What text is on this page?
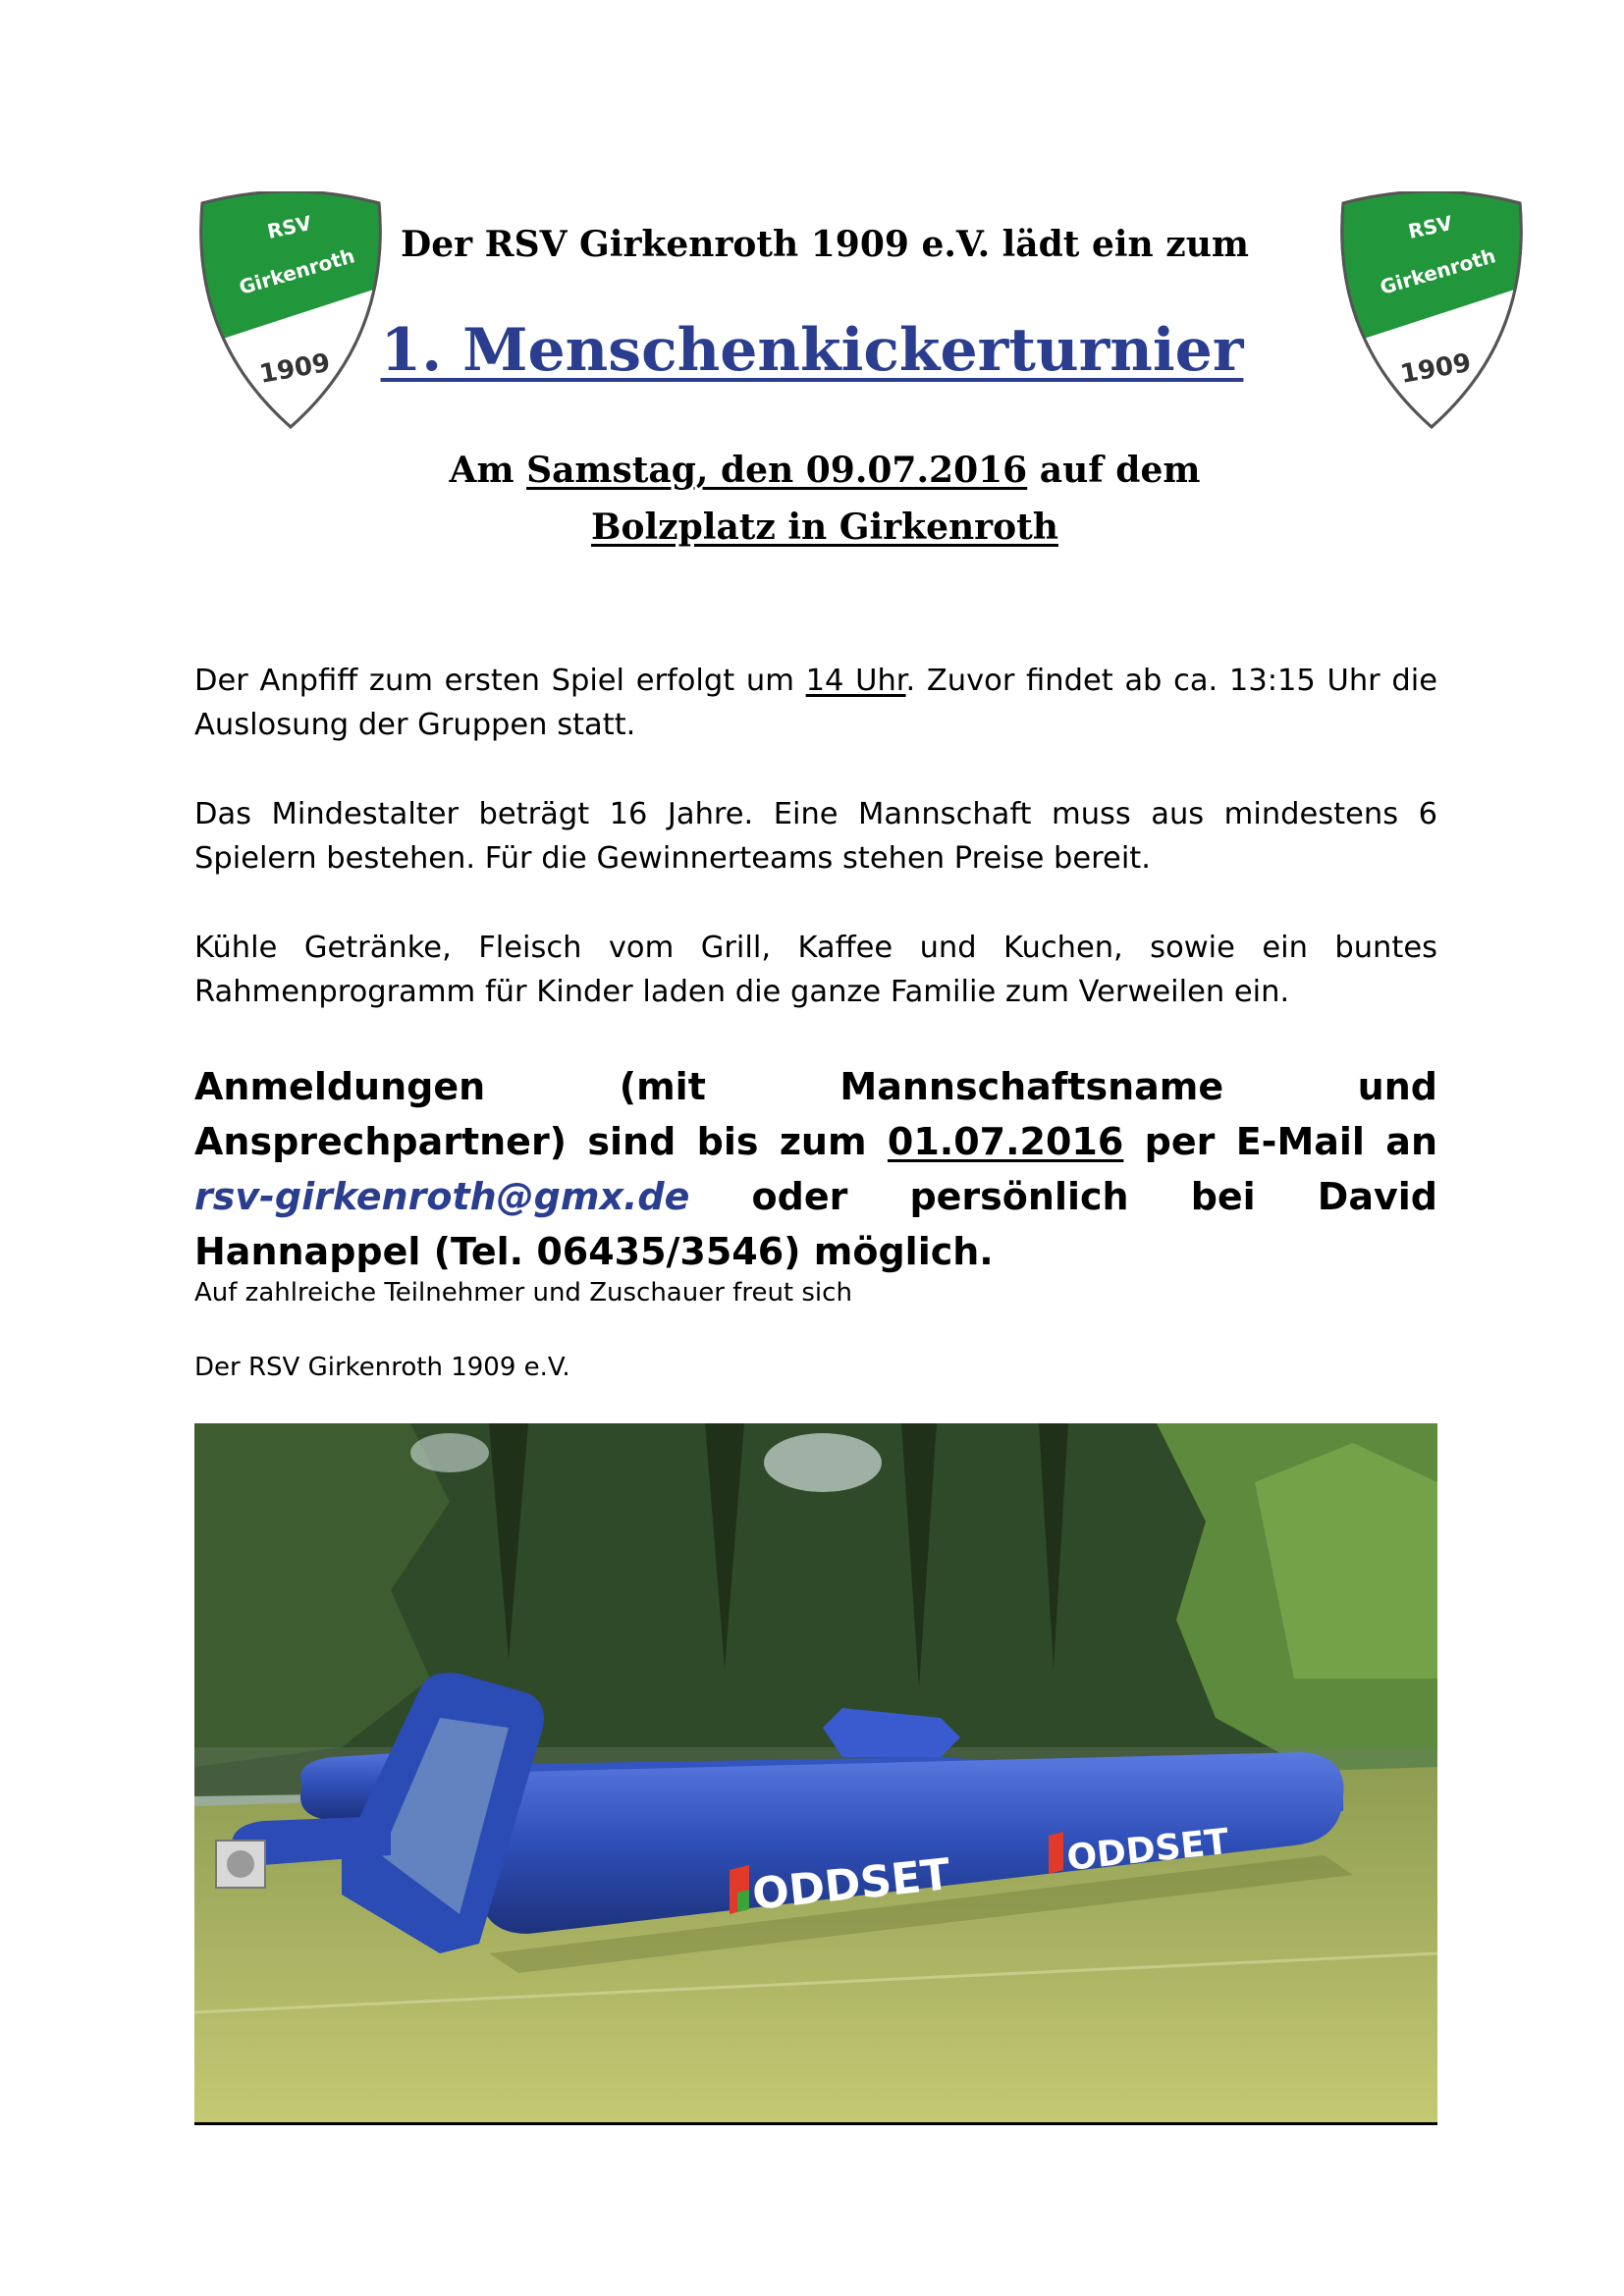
RSV
Girkenroth
1909
RSV
Girkenroth
1909
Der RSV Girkenroth 1909 e.V. lädt ein zum
1. Menschenkickerturnier
Am Samstag, den 09.07.2016 auf dem
Bolzplatz in Girkenroth
Der Anpfiff zum ersten Spiel erfolgt um 14 Uhr. Zuvor findet ab ca. 13:15 Uhr die Auslosung der Gruppen statt.
Das Mindestalter beträgt 16 Jahre. Eine Mannschaft muss aus mindestens 6 Spielern bestehen. Für die Gewinnerteams stehen Preise bereit.
Kühle Getränke, Fleisch vom Grill, Kaffee und Kuchen, sowie ein buntes Rahmenprogramm für Kinder laden die ganze Familie zum Verweilen ein.
Anmeldungen (mit Mannschaftsname und Ansprechpartner) sind bis zum 01.07.2016 per E-Mail an rsv-girkenroth@gmx.de oder persönlich bei David Hannappel (Tel. 06435/3546) möglich.
Auf zahlreiche Teilnehmer und Zuschauer freut sich
Der RSV Girkenroth 1909 e.V.
ODDSET	ODDSET
